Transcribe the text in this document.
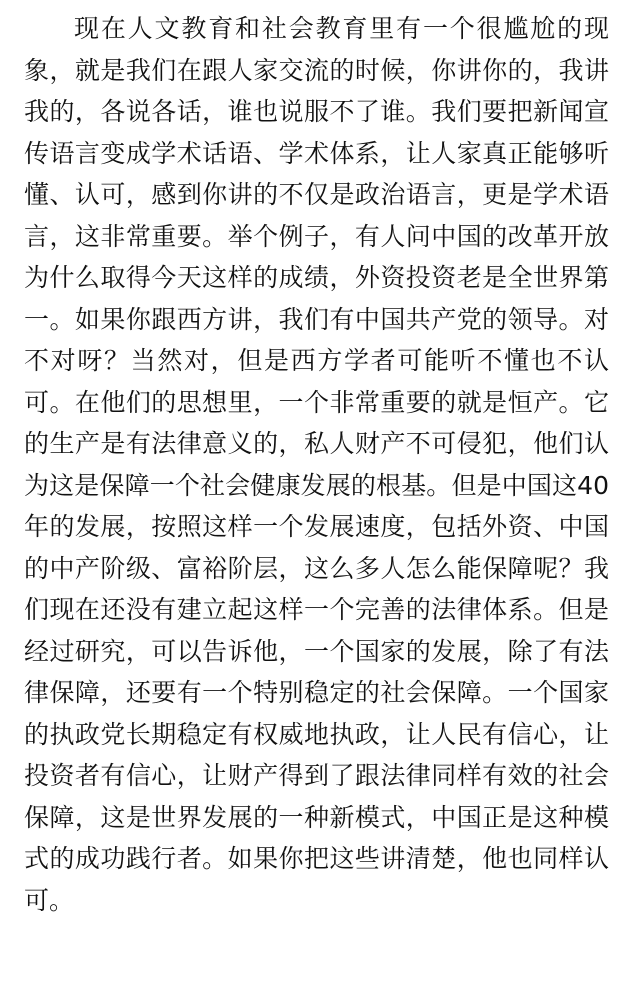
现在人文教育和社会教育里有一个很尴尬的现象，就是我们在跟人家交流的时候，你讲你的，我讲我的，各说各话，谁也说服不了谁。我们要把新闻宣传语言变成学术话语、学术体系，让人家真正能够听懂、认可，感到你讲的不仅是政治语言，更是学术语言，这非常重要。举个例子，有人问中国的改革开放为什么取得今天这样的成绩，外资投资老是全世界第一。如果你跟西方讲，我们有中国共产党的领导。对不对呀？当然对，但是西方学者可能听不懂也不认可。在他们的思想里，一个非常重要的就是恒产。它的生产是有法律意义的，私人财产不可侵犯，他们认为这是保障一个社会健康发展的根基。但是中国这40年的发展，按照这样一个发展速度，包括外资、中国的中产阶级、富裕阶层，这么多人怎么能保障呢？我们现在还没有建立起这样一个完善的法律体系。但是经过研究，可以告诉他，一个国家的发展，除了有法律保障，还要有一个特别稳定的社会保障。一个国家的执政党长期稳定有权威地执政，让人民有信心，让投资者有信心，让财产得到了跟法律同样有效的社会保障，这是世界发展的一种新模式，中国正是这种模式的成功践行者。如果你把这些讲清楚，他也同样认可。
